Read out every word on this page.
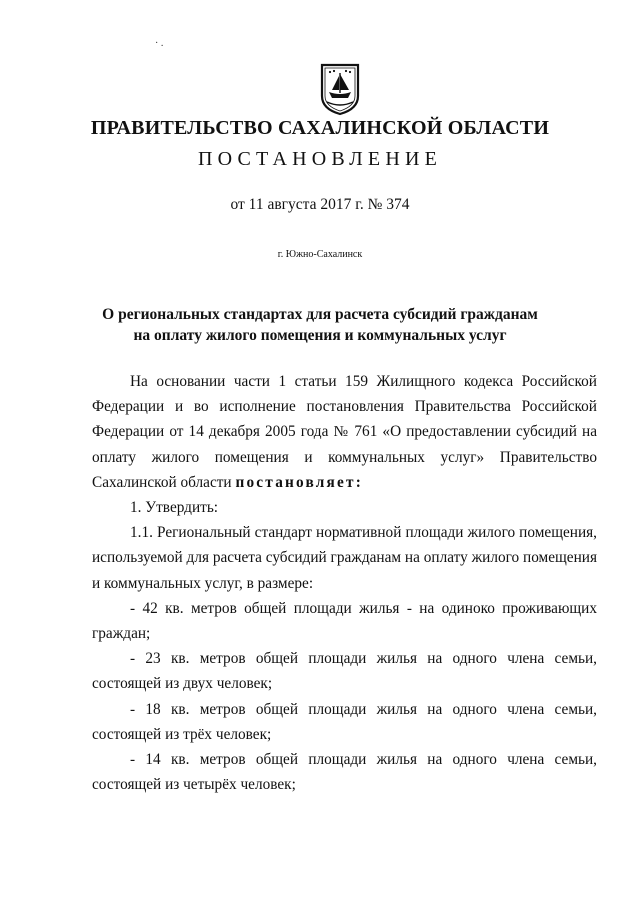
· .
ПРАВИТЕЛЬСТВО САХАЛИНСКОЙ ОБЛАСТИ
ПОСТАНОВЛЕНИЕ
от 11 августа 2017 г. № 374
г. Южно-Сахалинск
О региональных стандартах для расчета субсидий гражданам
на оплату жилого помещения и коммунальных услуг

На основании части 1 статьи 159 Жилищного кодекса Российской Федерации и во исполнение постановления Правительства Российской Федерации от 14 декабря 2005 года № 761 «О предоставлении субсидий на оплату жилого помещения и коммунальных услуг» Правительство Сахалинской области постановляет:

1. Утвердить:

1.1. Региональный стандарт нормативной площади жилого помещения, используемой для расчета субсидий гражданам на оплату жилого помещения и коммунальных услуг, в размере:

- 42 кв. метров общей площади жилья - на одиноко проживающих граждан;

- 23 кв. метров общей площади жилья на одного члена семьи, состоящей из двух человек;

- 18 кв. метров общей площади жилья на одного члена семьи, состоящей из трёх человек;

- 14 кв. метров общей площади жилья на одного члена семьи, состоящей из четырёх человек;
